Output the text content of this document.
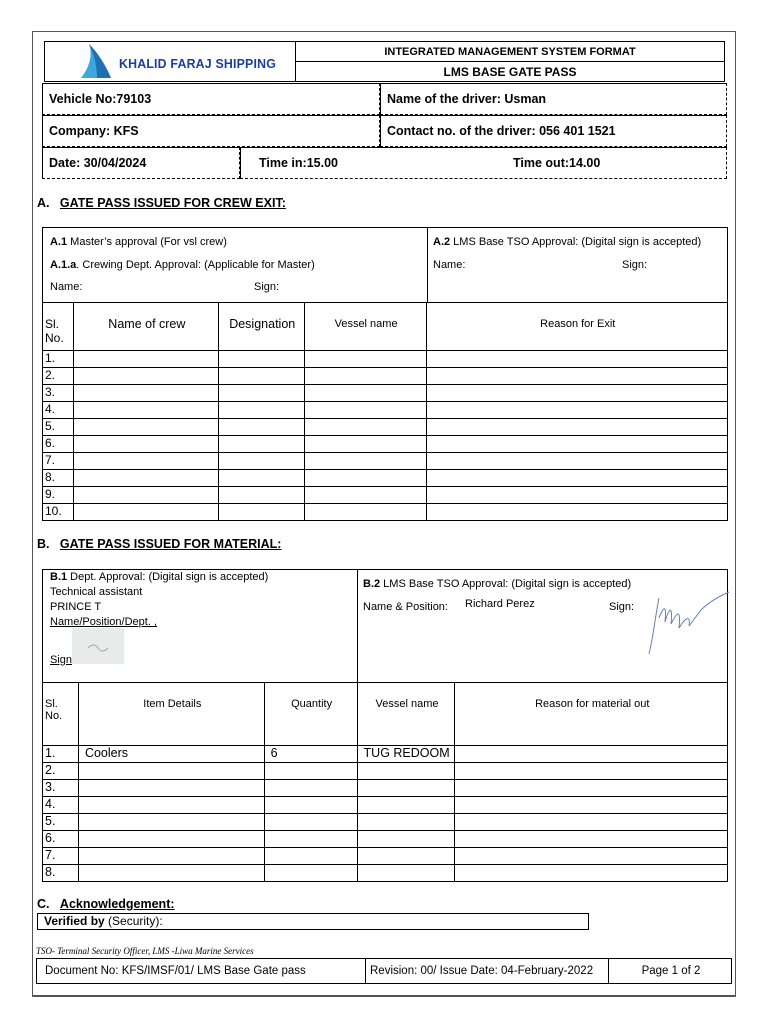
KHALID FARAJ SHIPPING
INTEGRATED MANAGEMENT SYSTEM FORMAT
LMS BASE GATE PASS
Vehicle No:79103	Name of the driver: Usman
Company: KFS	Contact no. of the driver: 056 401 1521
Date: 30/04/2024	Time in:15.00	Time out:14.00
A. GATE PASS ISSUED FOR CREW EXIT:
A.1 Master’s approval (For vsl crew)
A.1.a. Crewing Dept. Approval: (Applicable for Master)
Name:	Sign:
A.2 LMS Base TSO Approval: (Digital sign is accepted)
Name:	Sign:
Sl. No.	Name of crew	Designation	Vessel name	Reason for Exit
1.				
2.				
3.				
4.				
5.				
6.				
7.				
8.				
9.				
10.				
B. GATE PASS ISSUED FOR MATERIAL:
B.1 Dept. Approval: (Digital sign is accepted)
Technical assistant
PRINCE T
Name/Position/Dept. ,
Sign
B.2 LMS Base TSO Approval: (Digital sign is accepted)
Name & Position: Richard Perez	Sign:
Sl. No.	Item Details	Quantity	Vessel name	Reason for material out
1.	Coolers	6	TUG REDOOM	
2.				
3.				
4.				
5.				
6.				
7.				
8.				
C. Acknowledgement:
Verified by (Security):
TSO- Terminal Security Officer, LMS -Liwa Marine Services
Document No: KFS/IMSF/01/ LMS Base Gate pass	Revision: 00/ Issue Date: 04-February-2022	Page 1 of 2
